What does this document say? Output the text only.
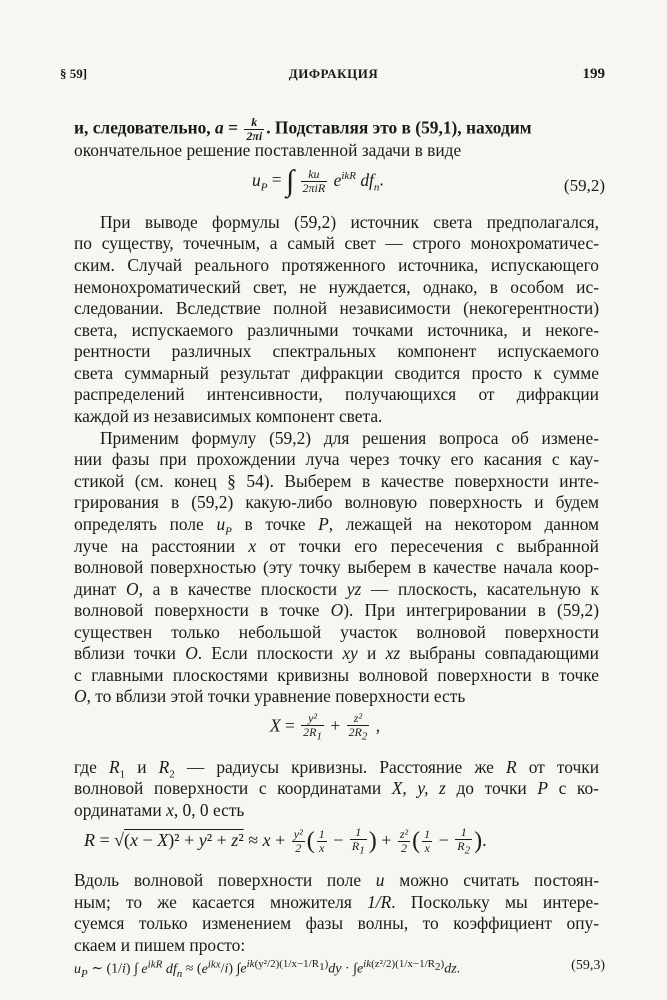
§ 59]	ДИФРАКЦИЯ	199
и, следовательно, $a = \frac{k}{2\pi i}$ . Подставляя это в (59,1), находим
окончательное решение поставленной задачи в виде
$u_P$ = ∫ $\frac{ku}{\text{2πiR}} e^{ikR}$ $df_n$.	(59,2)
При выводе формулы (59,2) источник света предполагался,
по существу, точечным, а самый свет — строго монохроматичес-
ским. Случай реального протяженного источника, испускающего
немонохроматический свет, не нуждается, однако, в особом ис-
следовании. Вследствие полной независимости (некогерентности)
света, испускаемого различными точками источника, и некоге-
рентности различных спектральных компонент испускаемого
света суммарный результат дифракции сводится просто к сумме
распределений интенсивности, получающихся от дифракции
каждой из независимых компонент света.
Применим формулу (59,2) для решения вопроса об измене-
нии фазы при прохождении луча через точку его касания с кау-
стикой (см. конец § 54). Выберем в качестве поверхности инте-
грирования в (59,2) какую-либо волновую поверхность и будем
определять поле $u_P$ в точке P, лежащей на некотором данном
луче на расстоянии x от точки его пересечения с выбранной
волновой поверхностью (эту точку выберем в качестве начала коор-
динат O, а в качестве плоскости yz — плоскость, касательную к
волновой поверхности в точке O). При интегрировании в (59,2)
существен только небольшой участок волновой поверхности
вблизи точки O. Если плоскости xy и xz выбраны совпадающими
с главными плоскостями кривизны волновой поверхности в точке
O, то вблизи этой точки уравнение поверхности есть
$X = \frac{\text{y²}}{2R_1} + \frac{\text{z²}}{2R_2}$ ,
где $R_1$ и $R_2$ — радиусы кривизны. Расстояние же R от точки
волновой поверхности с координатами X, y, z до точки P с ко-
ординатами x, 0, 0 есть
$R = √(x - X)^2 + y^2 + z^2 \approx x + \frac{\text{y²}}{2}$ ( $\frac{1}{x} - \frac{1}{R_1}$ ) + $\frac{\text{z²}}{2}$ ( $\frac{1}{x} - \frac{1}{R_2}$ ).
Вдоль волновой поверхности поле u можно считать постоян-
ным; то же касается множителя 1/R. Поскольку мы интере-
суемся только изменением фазы волны, то коэффициент опу-
скаем и пишем просто:
$u_P$ ∼ (1/i) ∫ $e^{ikR}$ $df_n \approx (e^{ikx}/i) \int e^{ik(y^2/2)(1/x-1/R_1)}dy \cdot \int e^{ik(z^2/2)(1/x-1/R_2)}dz$.	(59,3)
